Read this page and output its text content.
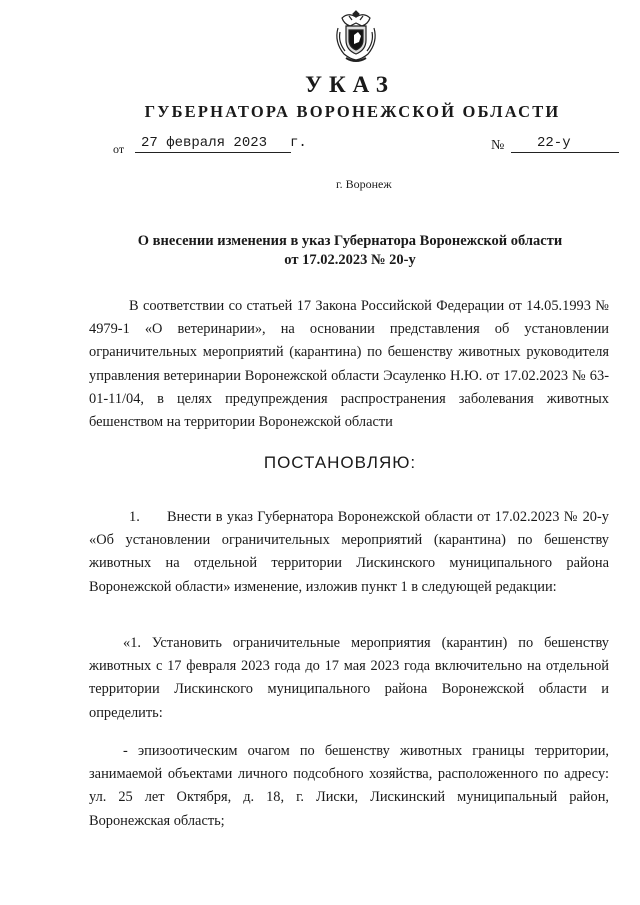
УКАЗ
ГУБЕРНАТОРА ВОРОНЕЖСКОЙ ОБЛАСТИ
от	27 февраля 2023	г.	№	22-у
г. Воронеж
О внесении изменения в указ Губернатора Воронежской области
от 17.02.2023 № 20-у
В соответствии со статьей 17 Закона Российской Федерации от 14.05.1993 № 4979-1 «О ветеринарии», на основании представления об установлении ограничительных мероприятий (карантина) по бешенству животных руководителя управления ветеринарии Воронежской области Эсауленко Н.Ю. от 17.02.2023 № 63-01-11/04, в целях предупреждения распространения заболевания животных бешенством на территории Воронежской области
ПОСТАНОВЛЯЮ:
1. Внести в указ Губернатора Воронежской области от 17.02.2023 № 20-у «Об установлении ограничительных мероприятий (карантина) по бешенству животных на отдельной территории Лискинского муниципального района Воронежской области» изменение, изложив пункт 1 в следующей редакции:
«1. Установить ограничительные мероприятия (карантин) по бешенству животных с 17 февраля 2023 года до 17 мая 2023 года включительно на отдельной территории Лискинского муниципального района Воронежской области и определить:
- эпизоотическим очагом по бешенству животных границы территории, занимаемой объектами личного подсобного хозяйства, расположенного по адресу: ул. 25 лет Октября, д. 18, г. Лиски, Лискинский муниципальный район, Воронежская область;
